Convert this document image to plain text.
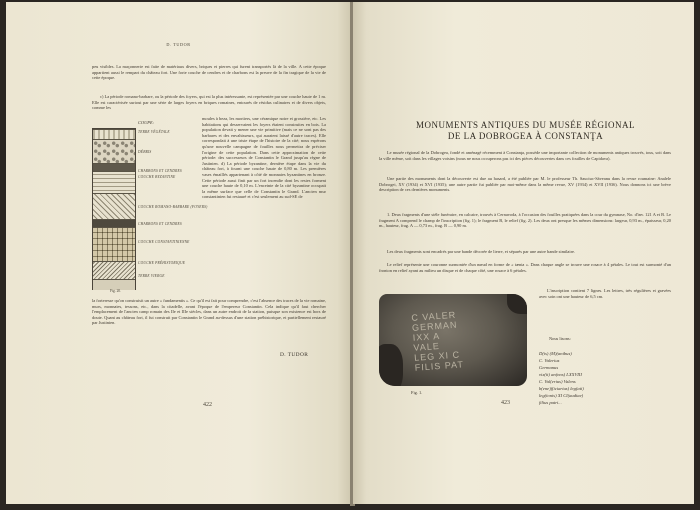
D. TUDOR
peu visibles. La maçonnerie est faite de matériaux divers, briques et pierres qui furent transportés là de la ville. A cette époque appartient aussi le rempart du château fort. Une forte couche de cendres et de charbons est la preuve de la fin tragique de la vie de cette époque.
c) La période romano-barbare, ou la période des foyers, qui est la plus intéressante, est représentée par une couche haute de 1 m. Elle est caractérisée surtout par une série de larges foyers en briques romaines, entourés de résidus culinaires et de divers objets, comme les
COUPE:
TERRE VÉGÉTALE
DÉBRIS
CHARBONS ET CENDRES
COUCHE BYZANTINE
COUCHE ROMANO-BARBARE (FOYERS)
CHARBONS ET CENDRES
COUCHE CONSTANTINIENNE
COUCHE PRÉHISTORIQUE
TERRE VIERGE
Fig. 20.
moules à beza, les mortiers, une céramique noire et grossière, etc. Les habitations qui desservaient les foyers étaient construites en bois. La population devait y mener une vie primitive (mais ce ne sont pas des barbares et des envahisseurs, qui auraient laissé d'autre traces). Elle correspondait à une triste étape de l'histoire de la cité; nous espérons qu'une nouvelle campagne de fouilles nous permettra de préciser l'origine de cette population. Dans cette approximation de cette période: des successeurs de Constantin le Grand jusqu'au règne de Justinien. d) La période byzantine, dernière étape dans la vie du château fort, à fourni une couche haute de 0,80 m. Les premières vases émaillés appartenant à côté de monnaies byzantines en bronze. Cette période aussi finit par un fort incendie dont les restes forment une couche haute de 0,10 m. L'enceinte de la cité byzantine occupait la même surface que celle de Constantin le Grand. L'ancien mur constantinien fut restauré et c'est seulement au sud-SE de
la forteresse qu'on construisit un autre « fundamentis ». Ce qu'il est fait pour comprendre, c'est l'absence des traces de la vie romaine, murs, monnaies, tessons, etc., dans la citadelle, avant l'époque de l'empereur Constantin. Cela indique qu'il faut chercher l'emplacement de l'ancien camp romain des IIe et IIIe siècles, dans un autre endroit de la station, puisque son existence est hors de doute. Quant au château fort, il fut construit par Constantin le Grand au-dessus d'une station préhistorique, et partiellement restauré par Justinien.
D. TUDOR
422
MONUMENTS ANTIQUES DU MUSÉE RÉGIONAL
DE LA DOBROGEA À CONSTANŢA
Le musée régional de la Dobrogea, fondé et aménagé récemment à Constanţa, possède une importante collection de monuments antiques trouvés, tous, soit dans la ville même, soit dans les villages voisins (nous ne nous occuperons pas ici des pièces découvertes dans ces fouilles de Capidava).
Une partie des monuments dont la découverte est due au hasard, a été publiée par M. le professeur Th. Sauciuc-Săveanu dans la revue roumaine: Analele Dobrogei, XV (1934) et XVI (1935); une autre partie fut publiée par moi-même dans la même revue, XV (1934) et XVII (1936). Nous donnons ici une brève description de ces dernières monuments.
1. Deux fragments d'une stèle funéraire, en calcaire, trouvés à Cernavoda, à l'occasion des fouilles pratiquées dans la cour du gymnase, No. d'inv. 121 A et B. Le fragment A comprend le champ de l'inscription (fig. 1); le fragment B, le relief (fig. 2). Les deux ont presque les mêmes dimensions: largeur, 0,93 m., épaisseur, 0,20 m., hauteur, frag. A — 0,73 m., frag. B — 0,90 m.
Les deux fragments sont encadrés par une bande décorée de lierre, et séparés par une autre bande similaire.
Le relief représente une couronne surmontée d'un nœud en forme de « tænia ». Dans chaque angle se trouve une rosace à 4 pétales. Le tout est surmonté d'un fronton en relief ayant au milieu un disque et de chaque côté, une rosace à 6 pétales.
C VALER
GERMAN
IXX A
VALE
LEG XI C
FILIS PAT
Fig. 1.
L'inscription contient 7 lignes. Les lettres, très régulières et gravées avec soin ont une hauteur de 6,5 cm.
Nous lisons:
D(is) (M)(anibus)
C. Valerius
Germanus
vix(it) an(nos) LXXVIII
C. Val(erius) Valens
b(ene)f(iciarius) leg(ati)
leg(ionis) XI Cl(audiae)
filius patri...
423
